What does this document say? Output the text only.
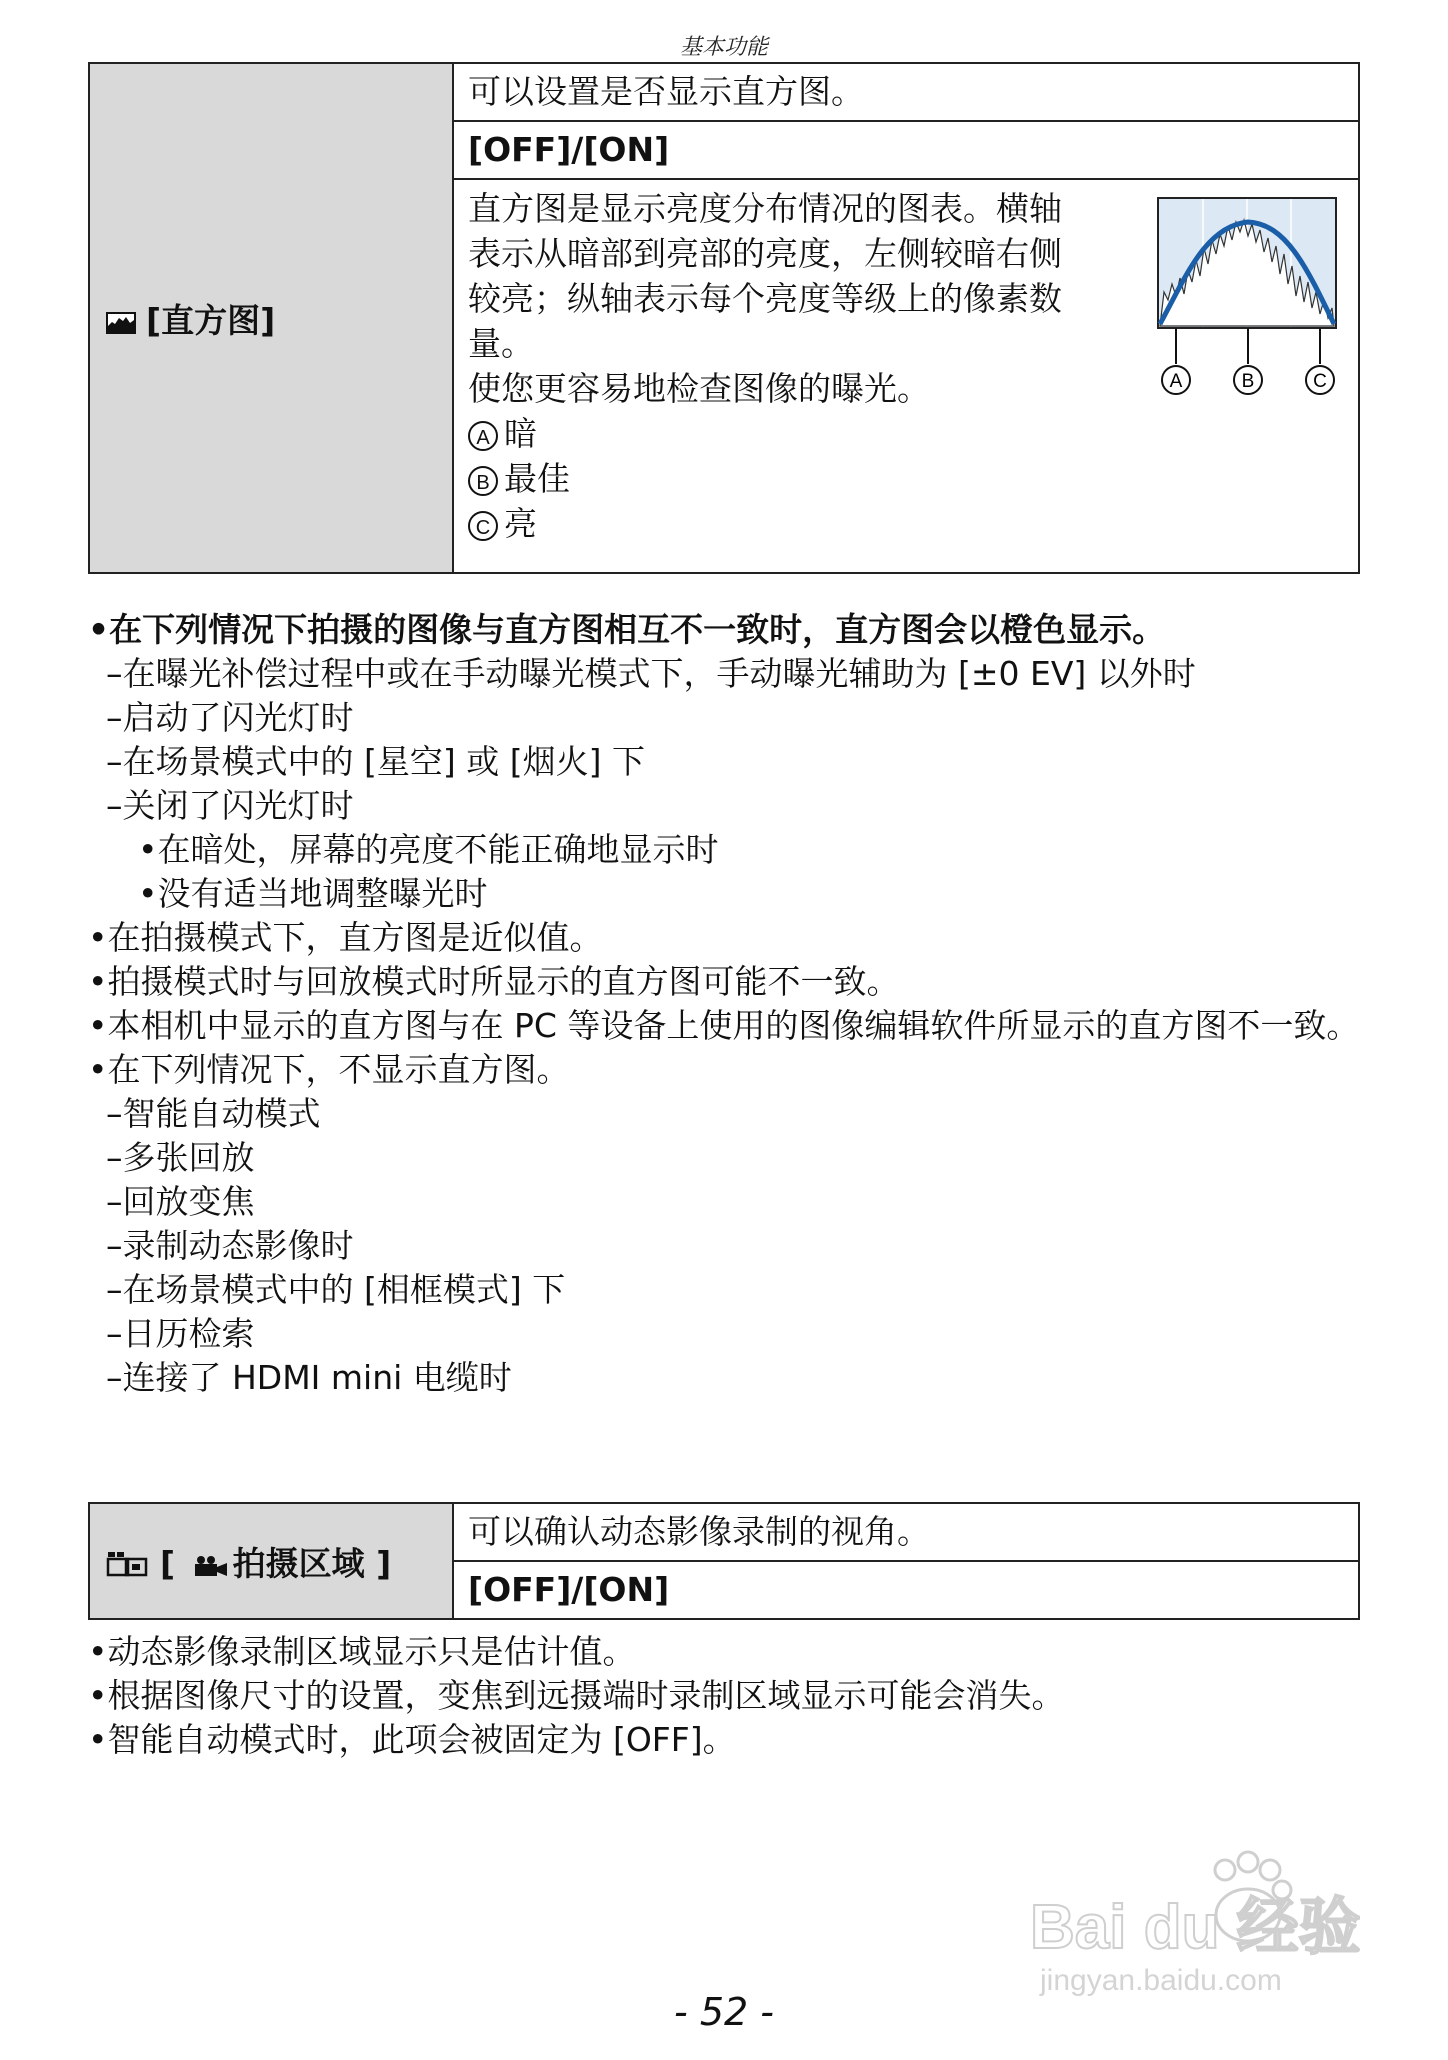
基本功能
[直方图]	可以设置是否显示直方图。
[OFF]/[ON]

直方图是显示亮度分布情况的图表。横轴
表示从暗部到亮部的亮度，左侧较暗右侧
较亮；纵轴表示每个亮度等级上的像素数
量。
使您更容易地检查图像的曝光。
A 暗
B 最佳
C 亮
A	B	C
•在下列情况下拍摄的图像与直方图相互不一致时，直方图会以橙色显示。
–在曝光补偿过程中或在手动曝光模式下，手动曝光辅助为 [±0 EV] 以外时
–启动了闪光灯时
–在场景模式中的 [星空] 或 [烟火] 下
–关闭了闪光灯时
•在暗处，屏幕的亮度不能正确地显示时
•没有适当地调整曝光时
•在拍摄模式下，直方图是近似值。
•拍摄模式时与回放模式时所显示的直方图可能不一致。
•本相机中显示的直方图与在 PC 等设备上使用的图像编辑软件所显示的直方图不一致。
•在下列情况下，不显示直方图。
–智能自动模式
–多张回放
–回放变焦
–录制动态影像时
–在场景模式中的 [相框模式] 下
–日历检索
–连接了 HDMI mini 电缆时
[ 拍摄区域 ]	可以确认动态影像录制的视角。
[OFF]/[ON]
•动态影像录制区域显示只是估计值。
•根据图像尺寸的设置，变焦到远摄端时录制区域显示可能会消失。
•智能自动模式时，此项会被固定为 [OFF]。
Bai du 经验
jingyan.baidu.com
- 52 -
